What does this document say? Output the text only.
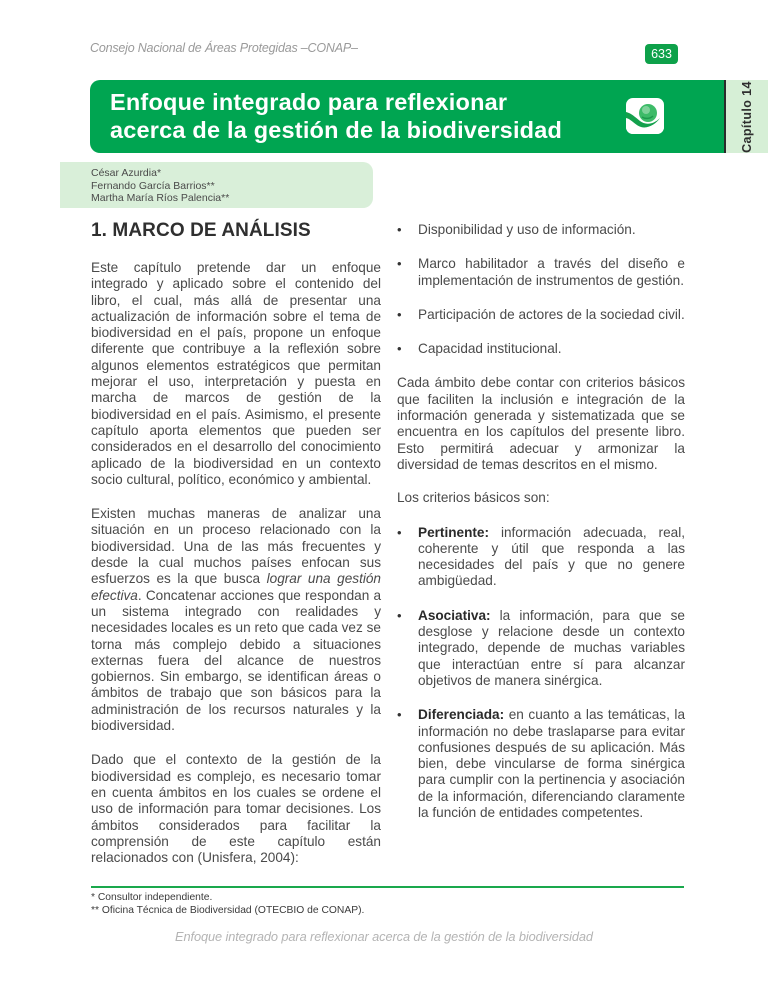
Consejo Nacional de Áreas Protegidas –CONAP–	633
Enfoque integrado para reflexionar
acerca de la gestión de la biodiversidad	Capítulo 14
César Azurdia*
Fernando García Barrios**
Martha María Ríos Palencia**
1. MARCO DE ANÁLISIS

Este capítulo pretende dar un enfoque integrado y aplicado sobre el contenido del libro, el cual, más allá de presentar una actualización de información sobre el tema de biodiversidad en el país, propone un enfoque diferente que contribuye a la reflexión sobre algunos elementos estratégicos que permitan mejorar el uso, interpretación y puesta en marcha de marcos de gestión de la biodiversidad en el país. Asimismo, el presente capítulo aporta elementos que pueden ser considerados en el desarrollo del conocimiento aplicado de la biodiversidad en un contexto socio cultural, político, económico y ambiental.

Existen muchas maneras de analizar una situación en un proceso relacionado con la biodiversidad. Una de las más frecuentes y desde la cual muchos países enfocan sus esfuerzos es la que busca lograr una gestión efectiva. Concatenar acciones que respondan a un sistema integrado con realidades y necesidades locales es un reto que cada vez se torna más complejo debido a situaciones externas fuera del alcance de nuestros gobiernos. Sin embargo, se identifican áreas o ámbitos de trabajo que son básicos para la administración de los recursos naturales y la biodiversidad.

Dado que el contexto de la gestión de la biodiversidad es complejo, es necesario tomar en cuenta ámbitos en los cuales se ordene el uso de información para tomar decisiones. Los ámbitos considerados para facilitar la comprensión de este capítulo están relacionados con (Unisfera, 2004):

• Disponibilidad y uso de información.
• Marco habilitador a través del diseño e implementación de instrumentos de gestión.
• Participación de actores de la sociedad civil.
• Capacidad institucional.

Cada ámbito debe contar con criterios básicos que faciliten la inclusión e integración de la información generada y sistematizada que se encuentra en los capítulos del presente libro. Esto permitirá adecuar y armonizar la diversidad de temas descritos en el mismo.

Los criterios básicos son:

• Pertinente: información adecuada, real, coherente y útil que responda a las necesidades del país y que no genere ambigüedad.
• Asociativa: la información, para que se desglose y relacione desde un contexto integrado, depende de muchas variables que interactúan entre sí para alcanzar objetivos de manera sinérgica.
• Diferenciada: en cuanto a las temáticas, la información no debe traslaparse para evitar confusiones después de su aplicación. Más bien, debe vincularse de forma sinérgica para cumplir con la pertinencia y asociación de la información, diferenciando claramente la función de entidades competentes.
* Consultor independiente.
** Oficina Técnica de Biodiversidad (OTECBIO de CONAP).
Enfoque integrado para reflexionar acerca de la gestión de la biodiversidad
